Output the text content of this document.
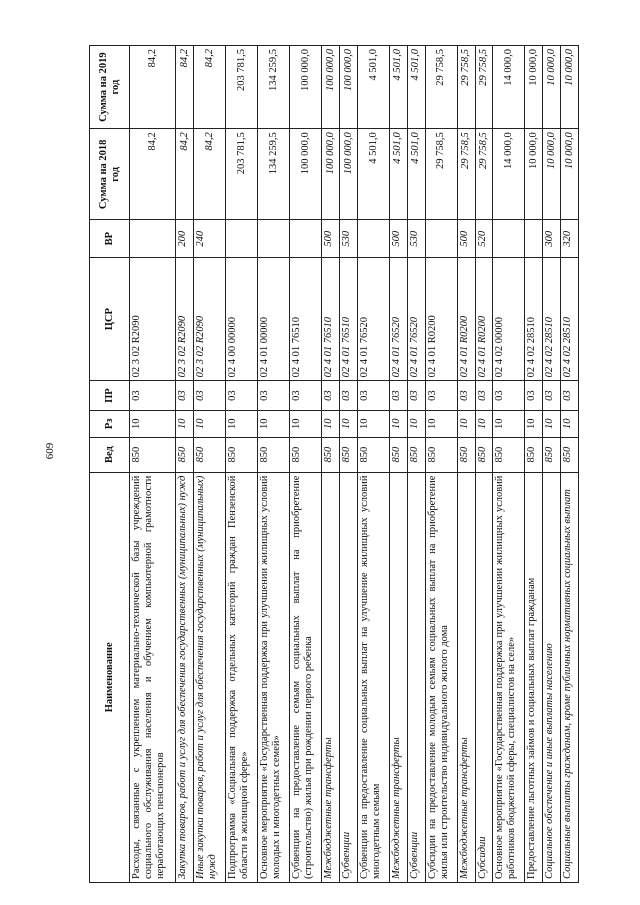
609
Наименование	Вед	Рз	ПР	ЦСР	ВР	Сумма на 2018 год	Сумма на 2019 год
Расходы, связанные с укреплением материально-технической базы учреждений социального обслуживания населения и обучением компьютерной грамотности неработающих пенсионеров	850	10	03	02 3 02 R2090		84,2	84,2
Закупка товаров, работ и услуг для обеспечения государственных (муниципальных) нужд	850	10	03	02 3 02 R2090	200	84,2	84,2
Иные закупки товаров, работ и услуг для обеспечения государственных (муниципальных) нужд	850	10	03	02 3 02 R2090	240	84,2	84,2
Подпрограмма «Социальная поддержка отдельных категорий граждан Пензенской области в жилищной сфере»	850	10	03	02 4 00 00000		203 781,5	203 781,5
Основное мероприятие «Государственная поддержка при улучшении жилищных условий молодых и многодетных семей»	850	10	03	02 4 01 00000		134 259,5	134 259,5
Субвенции на предоставление семьям социальных выплат на приобретение (строительство) жилья при рождении первого ребенка	850	10	03	02 4 01 76510		100 000,0	100 000,0
Межбюджетные трансферты	850	10	03	02 4 01 76510	500	100 000,0	100 000,0
Субвенции	850	10	03	02 4 01 76510	530	100 000,0	100 000,0
Субвенции на предоставление социальных выплат на улучшение жилищных условий многодетным семьям	850	10	03	02 4 01 76520		4 501,0	4 501,0
Межбюджетные трансферты	850	10	03	02 4 01 76520	500	4 501,0	4 501,0
Субвенции	850	10	03	02 4 01 76520	530	4 501,0	4 501,0
Субсидии на предоставление молодым семьям социальных выплат на приобретение жилья или строительство индивидуального жилого дома	850	10	03	02 4 01 R0200		29 758,5	29 758,5
Межбюджетные трансферты	850	10	03	02 4 01 R0200	500	29 758,5	29 758,5
Субсидии	850	10	03	02 4 01 R0200	520	29 758,5	29 758,5
Основное мероприятие «Государственная поддержка при улучшении жилищных условий работников бюджетной сферы, специалистов на селе»	850	10	03	02 4 02 00000		14 000,0	14 000,0
Предоставление льготных займов и социальных выплат гражданам	850	10	03	02 4 02 28510		10 000,0	10 000,0
Социальное обеспечение и иные выплаты населению	850	10	03	02 4 02 28510	300	10 000,0	10 000,0
Социальные выплаты гражданам, кроме публичных нормативных социальных выплат	850	10	03	02 4 02 28510	320	10 000,0	10 000,0
